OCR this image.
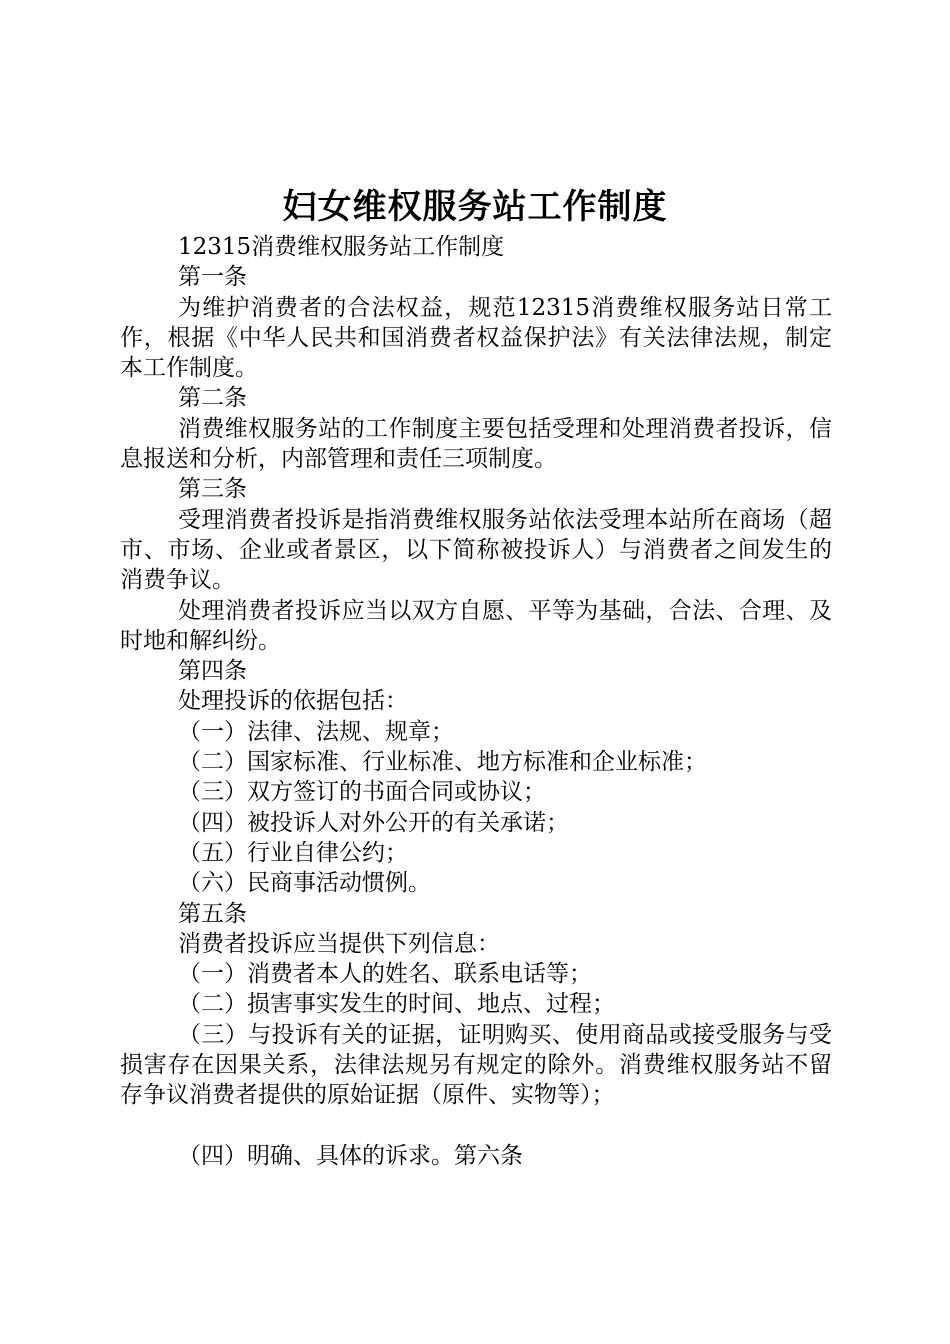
妇女维权服务站工作制度

12315消费维权服务站工作制度

第一条

为维护消费者的合法权益，规范12315消费维权服务站日常工作，根据《中华人民共和国消费者权益保护法》有关法律法规，制定本工作制度。

第二条

消费维权服务站的工作制度主要包括受理和处理消费者投诉，信息报送和分析，内部管理和责任三项制度。

第三条

受理消费者投诉是指消费维权服务站依法受理本站所在商场（超市、市场、企业或者景区，以下简称被投诉人）与消费者之间发生的消费争议。

处理消费者投诉应当以双方自愿、平等为基础，合法、合理、及时地和解纠纷。

第四条

处理投诉的依据包括：

（一）法律、法规、规章；

（二）国家标准、行业标准、地方标准和企业标准；

（三）双方签订的书面合同或协议；

（四）被投诉人对外公开的有关承诺；

（五）行业自律公约；

（六）民商事活动惯例。

第五条

消费者投诉应当提供下列信息：

（一）消费者本人的姓名、联系电话等；

（二）损害事实发生的时间、地点、过程；

（三）与投诉有关的证据，证明购买、使用商品或接受服务与受损害存在因果关系，法律法规另有规定的除外。消费维权服务站不留存争议消费者提供的原始证据（原件、实物等）；

（四）明确、具体的诉求。第六条
